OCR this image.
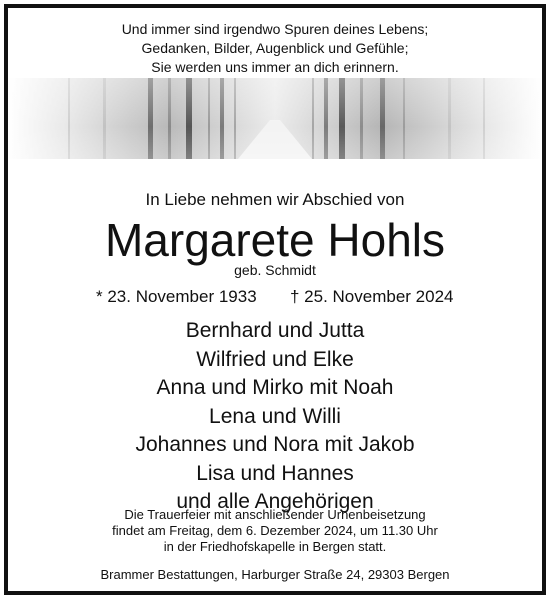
Und immer sind irgendwo Spuren deines Lebens;
Gedanken, Bilder, Augenblick und Gefühle;
Sie werden uns immer an dich erinnern.
In Liebe nehmen wir Abschied von
Margarete Hohls
geb. Schmidt
* 23. November 1933 † 25. November 2024
Bernhard und Jutta
Wilfried und Elke
Anna und Mirko mit Noah
Lena und Willi
Johannes und Nora mit Jakob
Lisa und Hannes
und alle Angehörigen
Die Trauerfeier mit anschließender Urnenbeisetzung
findet am Freitag, dem 6. Dezember 2024, um 11.30 Uhr
in der Friedhofskapelle in Bergen statt.
Brammer Bestattungen, Harburger Straße 24, 29303 Bergen
